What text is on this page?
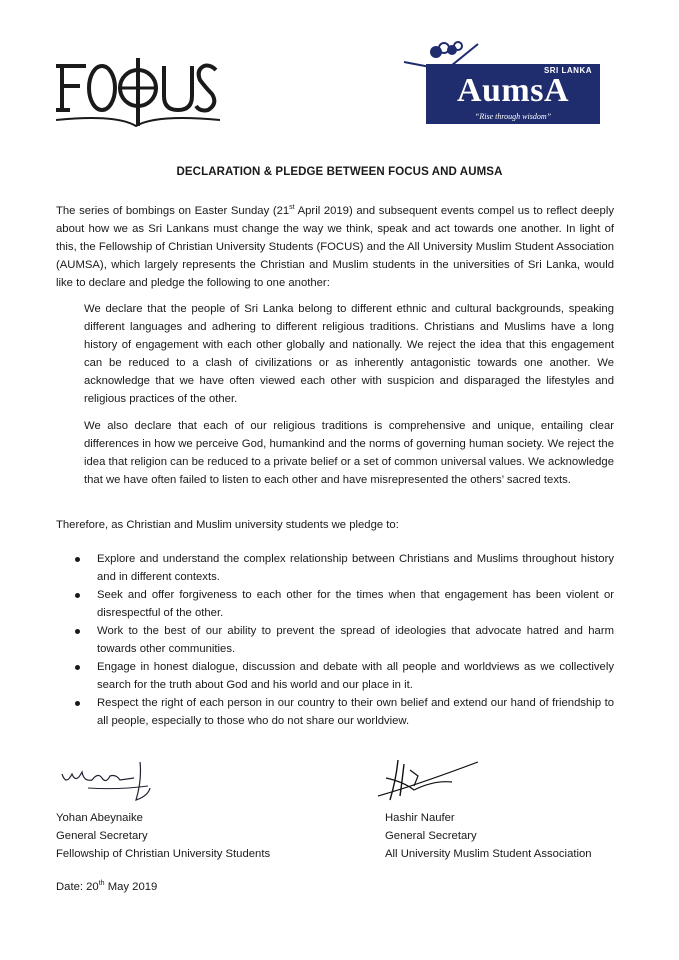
SRI LANKA
AumsA
“Rise through wisdom”
DECLARATION & PLEDGE BETWEEN FOCUS AND AUMSA
The series of bombings on Easter Sunday (21st April 2019) and subsequent events compel us to reflect deeply about how we as Sri Lankans must change the way we think, speak and act towards one another. In light of this, the Fellowship of Christian University Students (FOCUS) and the All University Muslim Student Association (AUMSA), which largely represents the Christian and Muslim students in the universities of Sri Lanka, would like to declare and pledge the following to one another:
We declare that the people of Sri Lanka belong to different ethnic and cultural backgrounds, speaking different languages and adhering to different religious traditions. Christians and Muslims have a long history of engagement with each other globally and nationally. We reject the idea that this engagement can be reduced to a clash of civilizations or as inherently antagonistic towards one another. We acknowledge that we have often viewed each other with suspicion and disparaged the lifestyles and religious practices of the other.
We also declare that each of our religious traditions is comprehensive and unique, entailing clear differences in how we perceive God, humankind and the norms of governing human society. We reject the idea that religion can be reduced to a private belief or a set of common universal values. We acknowledge that we have often failed to listen to each other and have misrepresented the others’ sacred texts.
Therefore, as Christian and Muslim university students we pledge to:
Explore and understand the complex relationship between Christians and Muslims throughout history and in different contexts.
Seek and offer forgiveness to each other for the times when that engagement has been violent or disrespectful of the other.
Work to the best of our ability to prevent the spread of ideologies that advocate hatred and harm towards other communities.
Engage in honest dialogue, discussion and debate with all people and worldviews as we collectively search for the truth about God and his world and our place in it.
Respect the right of each person in our country to their own belief and extend our hand of friendship to all people, especially to those who do not share our worldview.
Yohan Abeynaike
General Secretary
Fellowship of Christian University Students
Hashir Naufer
General Secretary
All University Muslim Student Association
Date: 20th May 2019
